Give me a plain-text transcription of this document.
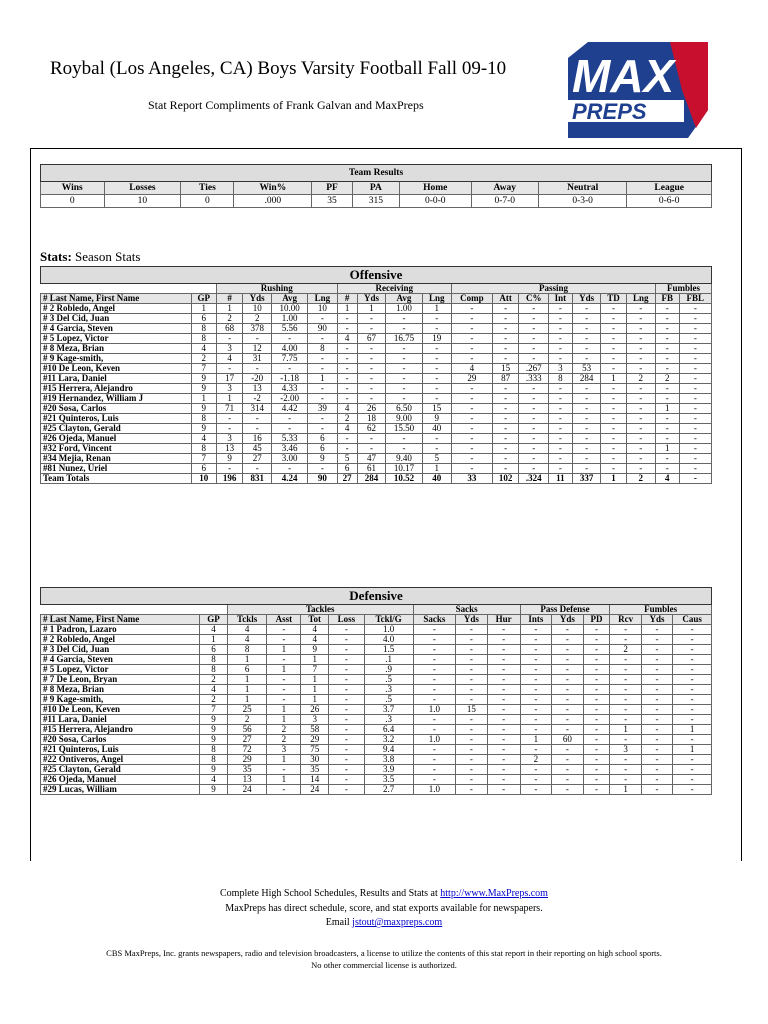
Roybal (Los Angeles, CA) Boys Varsity Football Fall 09-10
Stat Report Compliments of Frank Galvan and MaxPreps
MAX
PREPS
Team Results									
Wins	Losses	Ties	Win%	PF	PA	Home	Away	Neutral	League
0	10	0	.000	35	315	0-0-0	0-7-0	0-3-0	0-6-0
Stats: Season Stats
Offensive																		
		Rushing				Receiving				Passing							Fumbles	
# Last Name, First Name	GP	#	Yds	Avg	Lng	#	Yds	Avg	Lng	Comp	Att	C%	Int	Yds	TD	Lng	FB	FBL
# 2 Robledo, Angel	1	1	10	10.00	10	1	1	1.00	1	-	-	-	-	-	-	-	-	-
# 3 Del Cid, Juan	6	2	2	1.00	-	-	-	-	-	-	-	-	-	-	-	-	-	-
# 4 Garcia, Steven	8	68	378	5.56	90	-	-	-	-	-	-	-	-	-	-	-	-	-
# 5 Lopez, Victor	8	-	-	-	-	4	67	16.75	19	-	-	-	-	-	-	-	-	-
# 8 Meza, Brian	4	3	12	4.00	8	-	-	-	-	-	-	-	-	-	-	-	-	-
# 9 Kage-smith,	2	4	31	7.75	-	-	-	-	-	-	-	-	-	-	-	-	-	-
#10 De Leon, Keven	7	-	-	-	-	-	-	-	-	4	15	.267	3	53	-	-	-	-
#11 Lara, Daniel	9	17	-20	-1.18	1	-	-	-	-	29	87	.333	8	284	1	2	2	-
#15 Herrera, Alejandro	9	3	13	4.33	-	-	-	-	-	-	-	-	-	-	-	-	-	-
#19 Hernandez, William J	1	1	-2	-2.00	-	-	-	-	-	-	-	-	-	-	-	-	-	-
#20 Sosa, Carlos	9	71	314	4.42	39	4	26	6.50	15	-	-	-	-	-	-	-	1	-
#21 Quinteros, Luis	8	-	-	-	-	2	18	9.00	9	-	-	-	-	-	-	-	-	-
#25 Clayton, Gerald	9	-	-	-	-	4	62	15.50	40	-	-	-	-	-	-	-	-	-
#26 Ojeda, Manuel	4	3	16	5.33	6	-	-	-	-	-	-	-	-	-	-	-	-	-
#32 Ford, Vincent	8	13	45	3.46	6	-	-	-	-	-	-	-	-	-	-	-	1	-
#34 Mejia, Renan	7	9	27	3.00	9	5	47	9.40	5	-	-	-	-	-	-	-	-	-
#81 Nunez, Uriel	6	-	-	-	-	6	61	10.17	1	-	-	-	-	-	-	-	-	-
Team Totals	10	196	831	4.24	90	27	284	10.52	40	33	102	.324	11	337	1	2	4	-
Defensive															
		Tackles					Sacks			Pass Defense			Fumbles		
# Last Name, First Name	GP	Tckls	Asst	Tot	Loss	Tckl/G	Sacks	Yds	Hur	Ints	Yds	PD	Rcv	Yds	Caus
# 1 Padron, Lazaro	4	4	-	4	-	1.0	-	-	-	-	-	-	-	-	-
# 2 Robledo, Angel	1	4	-	4	-	4.0	-	-	-	-	-	-	-	-	-
# 3 Del Cid, Juan	6	8	1	9	-	1.5	-	-	-	-	-	-	2	-	-
# 4 Garcia, Steven	8	1	-	1	-	.1	-	-	-	-	-	-	-	-	-
# 5 Lopez, Victor	8	6	1	7	-	.9	-	-	-	-	-	-	-	-	-
# 7 De Leon, Bryan	2	1	-	1	-	.5	-	-	-	-	-	-	-	-	-
# 8 Meza, Brian	4	1	-	1	-	.3	-	-	-	-	-	-	-	-	-
# 9 Kage-smith,	2	1	-	1	-	.5	-	-	-	-	-	-	-	-	-
#10 De Leon, Keven	7	25	1	26	-	3.7	1.0	15	-	-	-	-	-	-	-
#11 Lara, Daniel	9	2	1	3	-	.3	-	-	-	-	-	-	-	-	-
#15 Herrera, Alejandro	9	56	2	58	-	6.4	-	-	-	-	-	-	1	-	1
#20 Sosa, Carlos	9	27	2	29	-	3.2	1.0	-	-	1	60	-	-	-	-
#21 Quinteros, Luis	8	72	3	75	-	9.4	-	-	-	-	-	-	3	-	1
#22 Ontiveros, Angel	8	29	1	30	-	3.8	-	-	-	2	-	-	-	-	-
#25 Clayton, Gerald	9	35	-	35	-	3.9	-	-	-	-	-	-	-	-	-
#26 Ojeda, Manuel	4	13	1	14	-	3.5	-	-	-	-	-	-	-	-	-
#29 Lucas, William	9	24	-	24	-	2.7	1.0	-	-	-	-	-	1	-	-
Complete High School Schedules, Results and Stats at http://www.MaxPreps.com
MaxPreps has direct schedule, score, and stat exports available for newspapers.
Email jstout@maxpreps.com
CBS MaxPreps, Inc. grants newspapers, radio and television broadcasters, a license to utilize the contents of this stat report in their reporting on high school sports.
No other commercial license is authorized.
